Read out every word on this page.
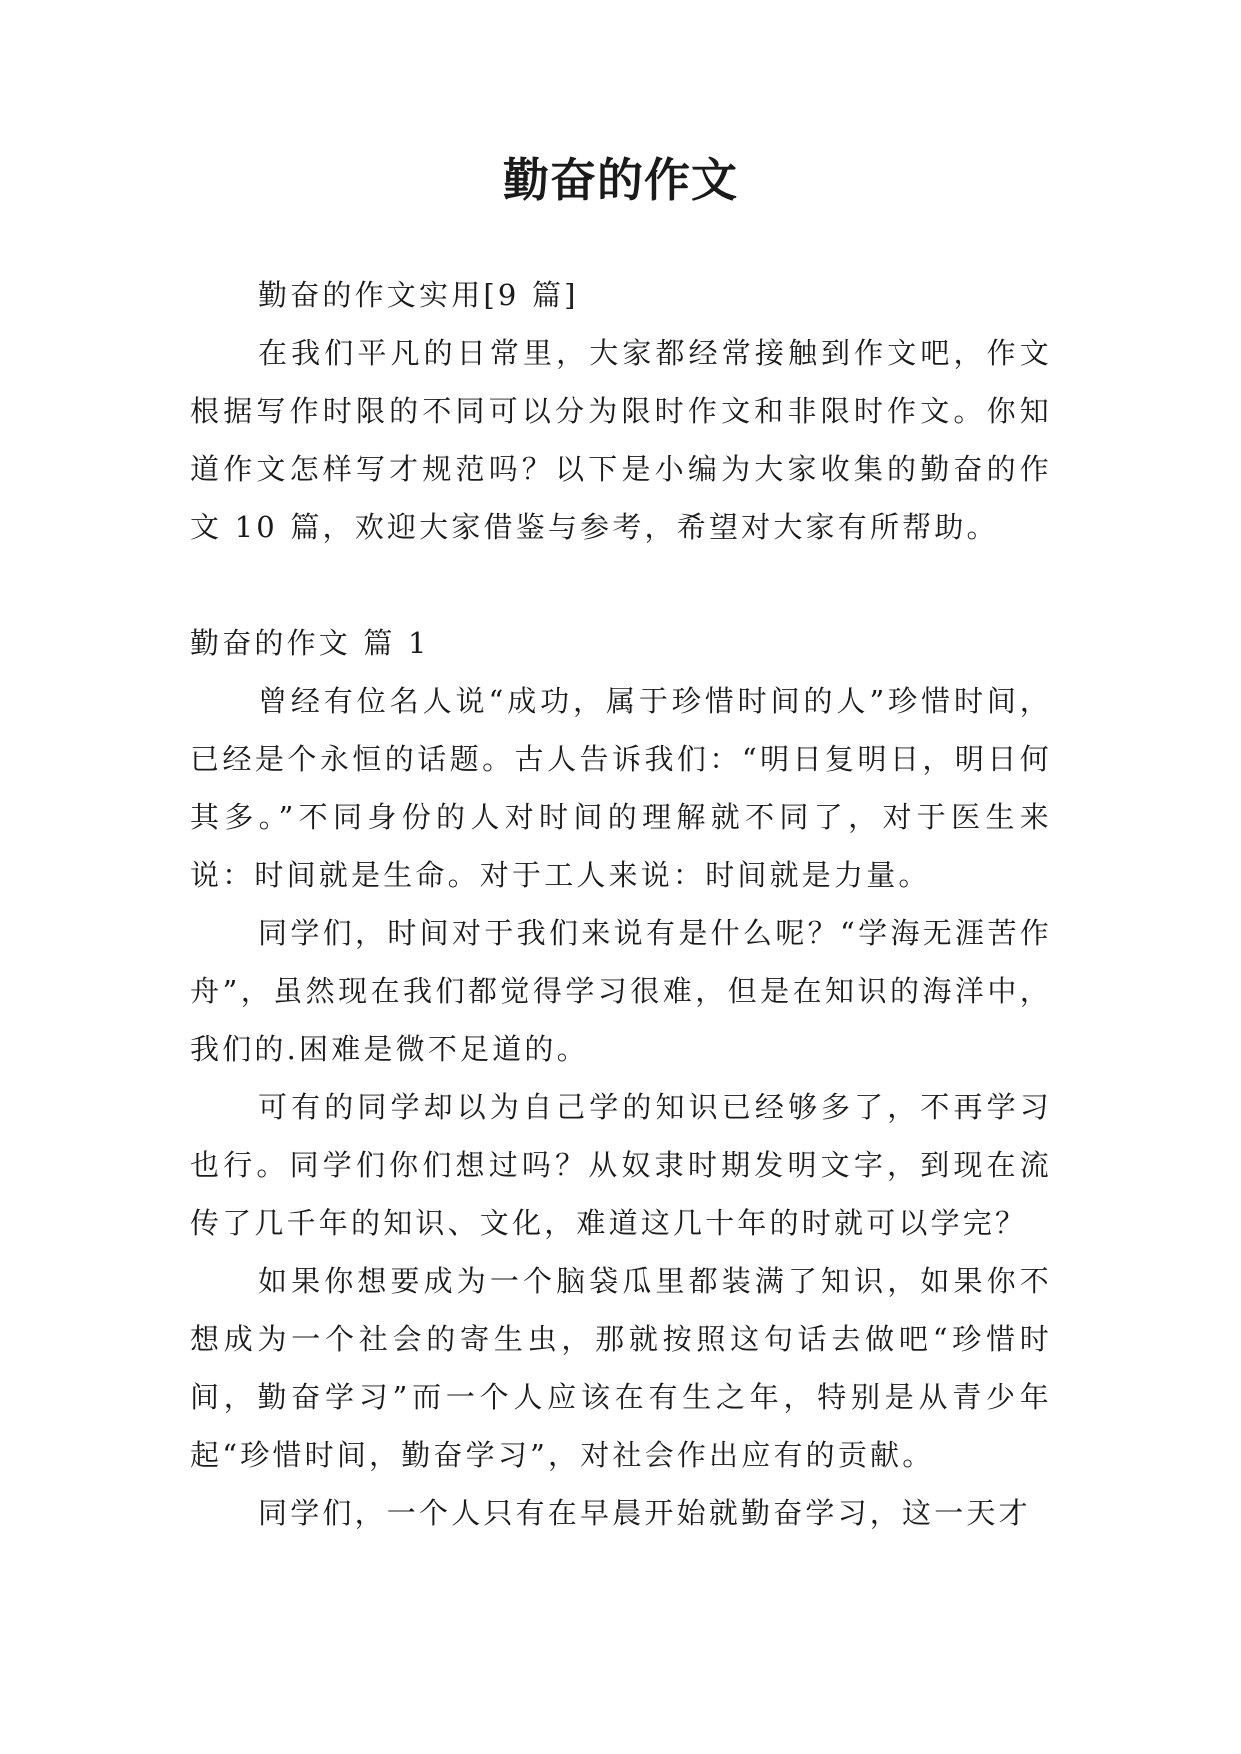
勤奋的作文

勤奋的作文实用[9 篇]

在我们平凡的日常里，大家都经常接触到作文吧，作文根据写作时限的不同可以分为限时作文和非限时作文。你知道作文怎样写才规范吗？以下是小编为大家收集的勤奋的作文 10 篇，欢迎大家借鉴与参考，希望对大家有所帮助。

勤奋的作文 篇 1

曾经有位名人说“成功，属于珍惜时间的人”珍惜时间，已经是个永恒的话题。古人告诉我们：“明日复明日，明日何其多。”不同身份的人对时间的理解就不同了，对于医生来说：时间就是生命。对于工人来说：时间就是力量。

同学们，时间对于我们来说有是什么呢？“学海无涯苦作舟”，虽然现在我们都觉得学习很难，但是在知识的海洋中，我们的.困难是微不足道的。

可有的同学却以为自己学的知识已经够多了，不再学习也行。同学们你们想过吗？从奴隶时期发明文字，到现在流传了几千年的知识、文化，难道这几十年的时就可以学完？

如果你想要成为一个脑袋瓜里都装满了知识，如果你不想成为一个社会的寄生虫，那就按照这句话去做吧“珍惜时间，勤奋学习”而一个人应该在有生之年，特别是从青少年起“珍惜时间，勤奋学习”，对社会作出应有的贡献。

同学们，一个人只有在早晨开始就勤奋学习，这一天才
